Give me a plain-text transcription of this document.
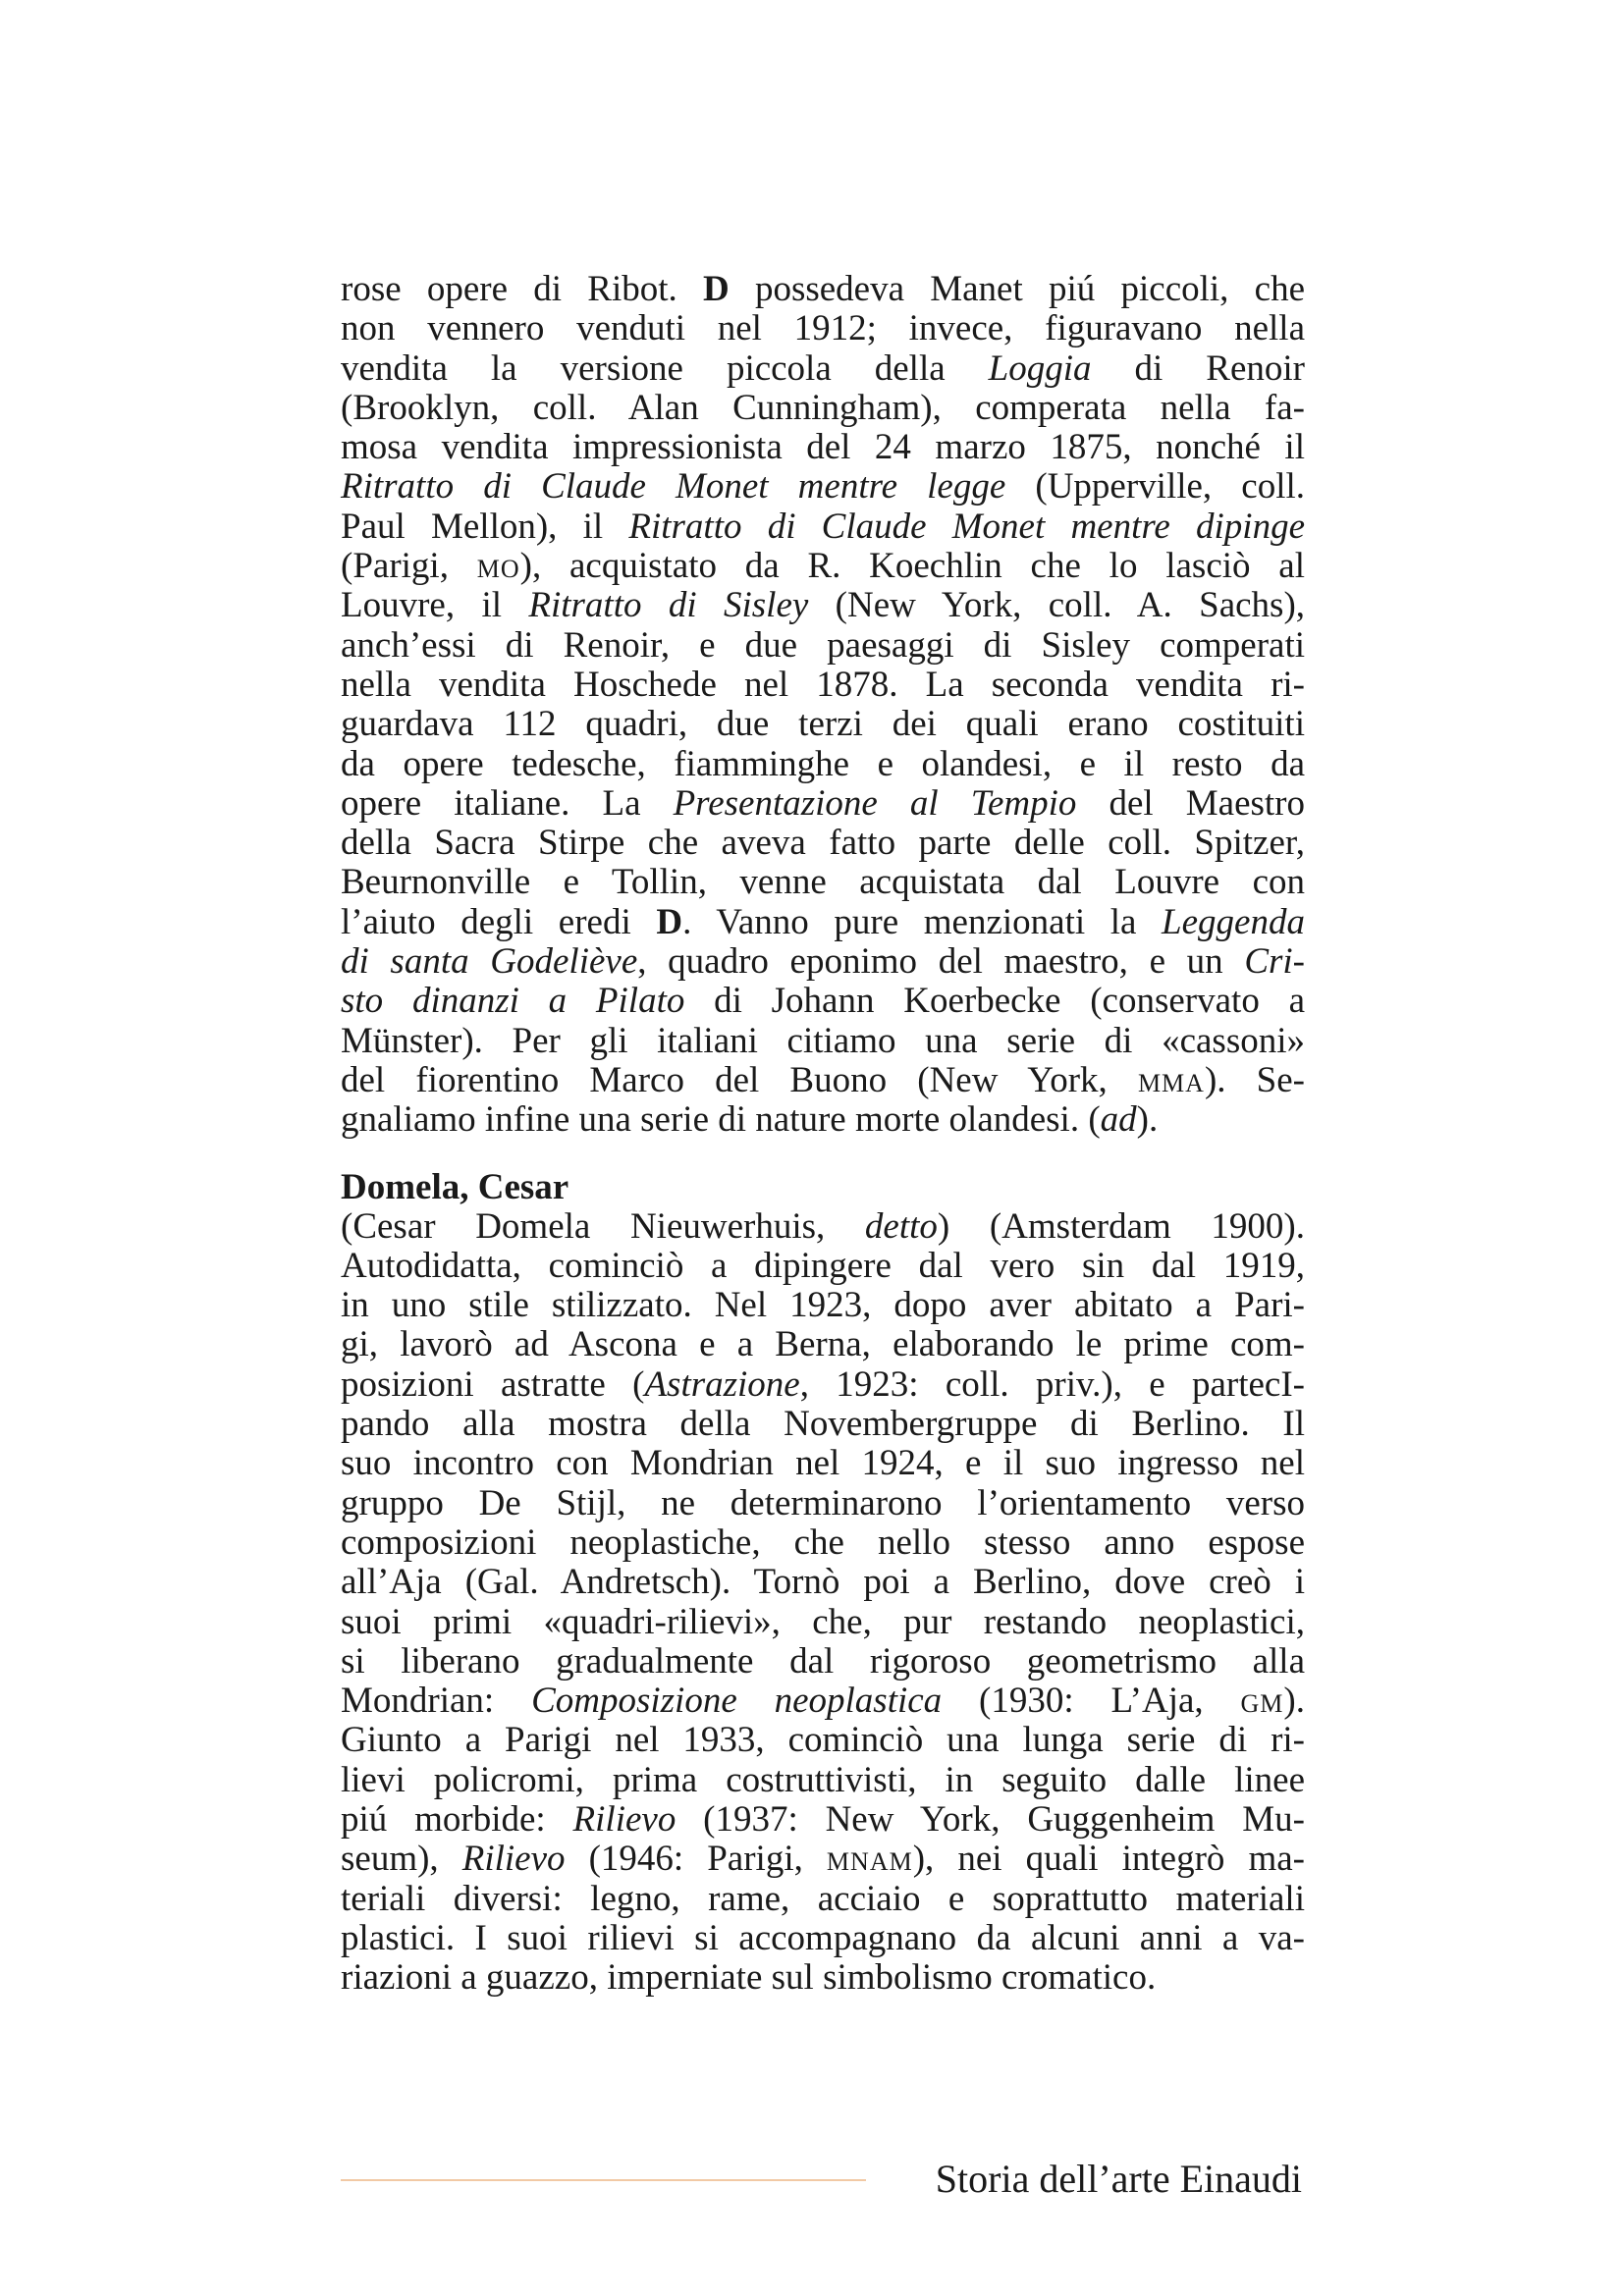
rose opere di Ribot. D possedeva Manet piú piccoli, che
non vennero venduti nel 1912; invece, figuravano nella
vendita la versione piccola della Loggia di Renoir
(Brooklyn, coll. Alan Cunningham), comperata nella fa-
mosa vendita impressionista del 24 marzo 1875, nonché il
Ritratto di Claude Monet mentre legge (Upperville, coll.
Paul Mellon), il Ritratto di Claude Monet mentre dipinge
(Parigi, mo), acquistato da R. Koechlin che lo lasciò al
Louvre, il Ritratto di Sisley (New York, coll. A. Sachs),
anch’essi di Renoir, e due paesaggi di Sisley comperati
nella vendita Hoschede nel 1878. La seconda vendita ri-
guardava 112 quadri, due terzi dei quali erano costituiti
da opere tedesche, fiamminghe e olandesi, e il resto da
opere italiane. La Presentazione al Tempio del Maestro
della Sacra Stirpe che aveva fatto parte delle coll. Spitzer,
Beurnonville e Tollin, venne acquistata dal Louvre con
l’aiuto degli eredi D. Vanno pure menzionati la Leggenda
di santa Godelièvе, quadro eponimo del maestro, e un Cri-
sto dinanzi a Pilato di Johann Koerbecke (conservato a
Münster). Per gli italiani citiamo una serie di «cassoni»
del fiorentino Marco del Buono (New York, mma). Se-
gnaliamo infine una serie di nature morte olandesi. (ad).
Domela, Cesar
(Cesar Domela Nieuwerhuis, detto) (Amsterdam 1900).
Autodidatta, cominciò a dipingere dal vero sin dal 1919,
in uno stile stilizzato. Nel 1923, dopo aver abitato a Pari-
gi, lavorò ad Ascona e a Berna, elaborando le prime com-
posizioni astratte (Astrazione, 1923: coll. priv.), e partecI-
pando alla mostra della Novembergruppe di Berlino. Il
suo incontro con Mondrian nel 1924, e il suo ingresso nel
gruppo De Stijl, ne determinarono l’orientamento verso
composizioni neoplastiche, che nello stesso anno espose
all’Aja (Gal. Andretsch). Tornò poi a Berlino, dove creò i
suoi primi «quadri-rilievi», che, pur restando neoplastici,
si liberano gradualmente dal rigoroso geometrismo alla
Mondrian: Composizione neoplastica (1930: L’Aja, gm).
Giunto a Parigi nel 1933, cominciò una lunga serie di ri-
lievi policromi, prima costruttivisti, in seguito dalle linee
piú morbide: Rilievo (1937: New York, Guggenheim Mu-
seum), Rilievo (1946: Parigi, mnam), nei quali integrò ma-
teriali diversi: legno, rame, acciaio e soprattutto materiali
plastici. I suoi rilievi si accompagnano da alcuni anni a va-
riazioni a guazzo, imperniate sul simbolismo cromatico.
Storia dell’arte Einaudi
